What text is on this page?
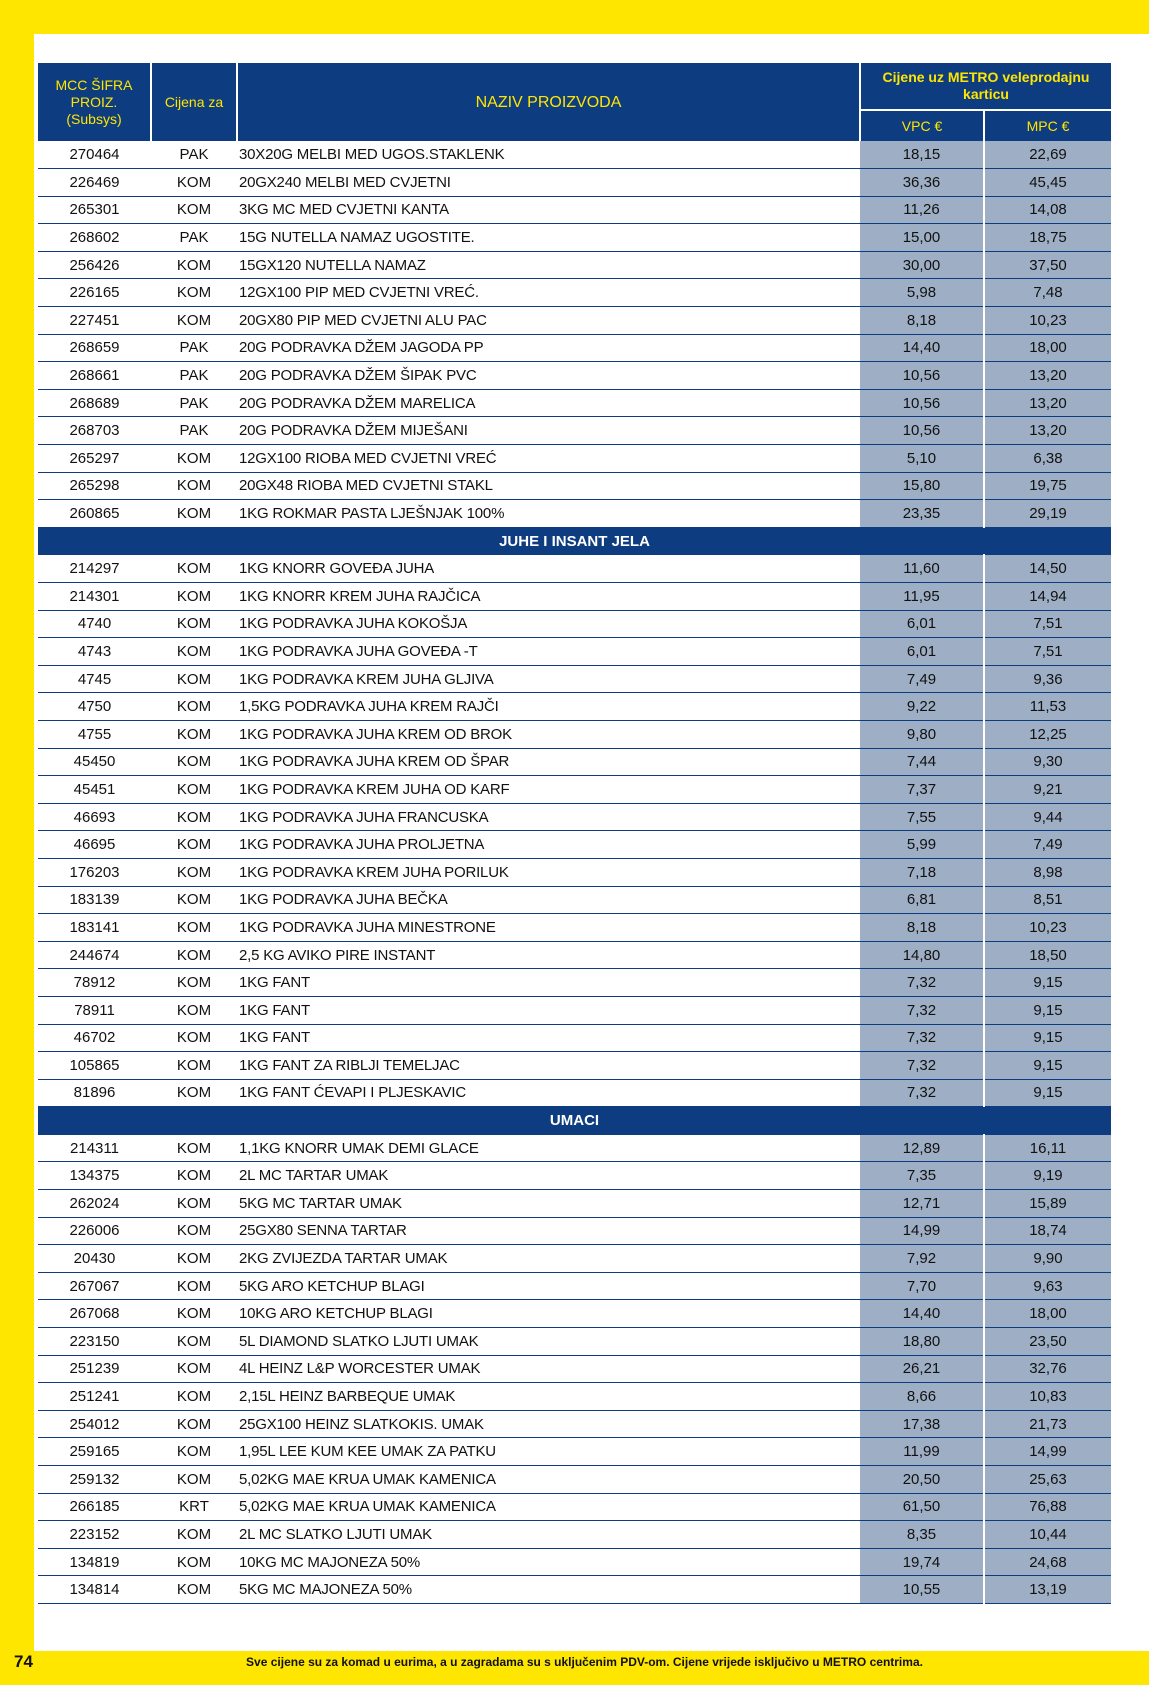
MCC ŠIFRA PROIZ. (Subsys)	Cijena za	NAZIV PROIZVODA	Cijene uz METRO veleprodajnu karticu	
			VPC €	MPC €
270464	PAK	30X20G MELBI MED UGOS.STAKLENK	18,15	22,69
226469	KOM	20GX240 MELBI MED CVJETNI	36,36	45,45
265301	KOM	3KG MC MED CVJETNI KANTA	11,26	14,08
268602	PAK	15G NUTELLA NAMAZ UGOSTITE.	15,00	18,75
256426	KOM	15GX120 NUTELLA NAMAZ	30,00	37,50
226165	KOM	12GX100 PIP MED CVJETNI VREĆ.	5,98	7,48
227451	KOM	20GX80 PIP MED CVJETNI ALU PAC	8,18	10,23
268659	PAK	20G PODRAVKA DŽEM JAGODA PP	14,40	18,00
268661	PAK	20G PODRAVKA DŽEM ŠIPAK PVC	10,56	13,20
268689	PAK	20G PODRAVKA DŽEM MARELICA	10,56	13,20
268703	PAK	20G PODRAVKA DŽEM MIJEŠANI	10,56	13,20
265297	KOM	12GX100 RIOBA MED CVJETNI VREĆ	5,10	6,38
265298	KOM	20GX48 RIOBA MED CVJETNI STAKL	15,80	19,75
260865	KOM	1KG ROKMAR PASTA LJEŠNJAK 100%	23,35	29,19
JUHE I INSANT JELA				
214297	KOM	1KG KNORR GOVEĐA JUHA	11,60	14,50
214301	KOM	1KG KNORR KREM JUHA RAJČICA	11,95	14,94
4740	KOM	1KG PODRAVKA JUHA KOKOŠJA	6,01	7,51
4743	KOM	1KG PODRAVKA JUHA GOVEĐA -T	6,01	7,51
4745	KOM	1KG PODRAVKA KREM JUHA GLJIVA	7,49	9,36
4750	KOM	1,5KG PODRAVKA JUHA KREM RAJČI	9,22	11,53
4755	KOM	1KG PODRAVKA JUHA KREM OD BROK	9,80	12,25
45450	KOM	1KG PODRAVKA JUHA KREM OD ŠPAR	7,44	9,30
45451	KOM	1KG PODRAVKA KREM JUHA OD KARF	7,37	9,21
46693	KOM	1KG PODRAVKA JUHA FRANCUSKA	7,55	9,44
46695	KOM	1KG PODRAVKA JUHA PROLJETNA	5,99	7,49
176203	KOM	1KG PODRAVKA KREM JUHA PORILUK	7,18	8,98
183139	KOM	1KG PODRAVKA JUHA BEČKA	6,81	8,51
183141	KOM	1KG PODRAVKA JUHA MINESTRONE	8,18	10,23
244674	KOM	2,5 KG AVIKO PIRE INSTANT	14,80	18,50
78912	KOM	1KG FANT	7,32	9,15
78911	KOM	1KG FANT	7,32	9,15
46702	KOM	1KG FANT	7,32	9,15
105865	KOM	1KG FANT ZA RIBLJI TEMELJAC	7,32	9,15
81896	KOM	1KG FANT ĆEVAPI I PLJESKAVIC	7,32	9,15
UMACI				
214311	KOM	1,1KG KNORR UMAK DEMI GLACE	12,89	16,11
134375	KOM	2L MC TARTAR UMAK	7,35	9,19
262024	KOM	5KG MC TARTAR UMAK	12,71	15,89
226006	KOM	25GX80 SENNA TARTAR	14,99	18,74
20430	KOM	2KG ZVIJEZDA TARTAR UMAK	7,92	9,90
267067	KOM	5KG ARO KETCHUP BLAGI	7,70	9,63
267068	KOM	10KG ARO KETCHUP BLAGI	14,40	18,00
223150	KOM	5L DIAMOND SLATKO LJUTI UMAK	18,80	23,50
251239	KOM	4L HEINZ L&P WORCESTER UMAK	26,21	32,76
251241	KOM	2,15L HEINZ BARBEQUE UMAK	8,66	10,83
254012	KOM	25GX100 HEINZ SLATKOKIS. UMAK	17,38	21,73
259165	KOM	1,95L LEE KUM KEE UMAK ZA PATKU	11,99	14,99
259132	KOM	5,02KG MAE KRUA UMAK KAMENICA	20,50	25,63
266185	KRT	5,02KG MAE KRUA UMAK KAMENICA	61,50	76,88
223152	KOM	2L MC SLATKO LJUTI UMAK	8,35	10,44
134819	KOM	10KG MC MAJONEZA 50%	19,74	24,68
134814	KOM	5KG MC MAJONEZA 50%	10,55	13,19
74	Sve cijene su za komad u eurima, a u zagradama su s uključenim PDV-om. Cijene vrijede isključivo u METRO centrima.
